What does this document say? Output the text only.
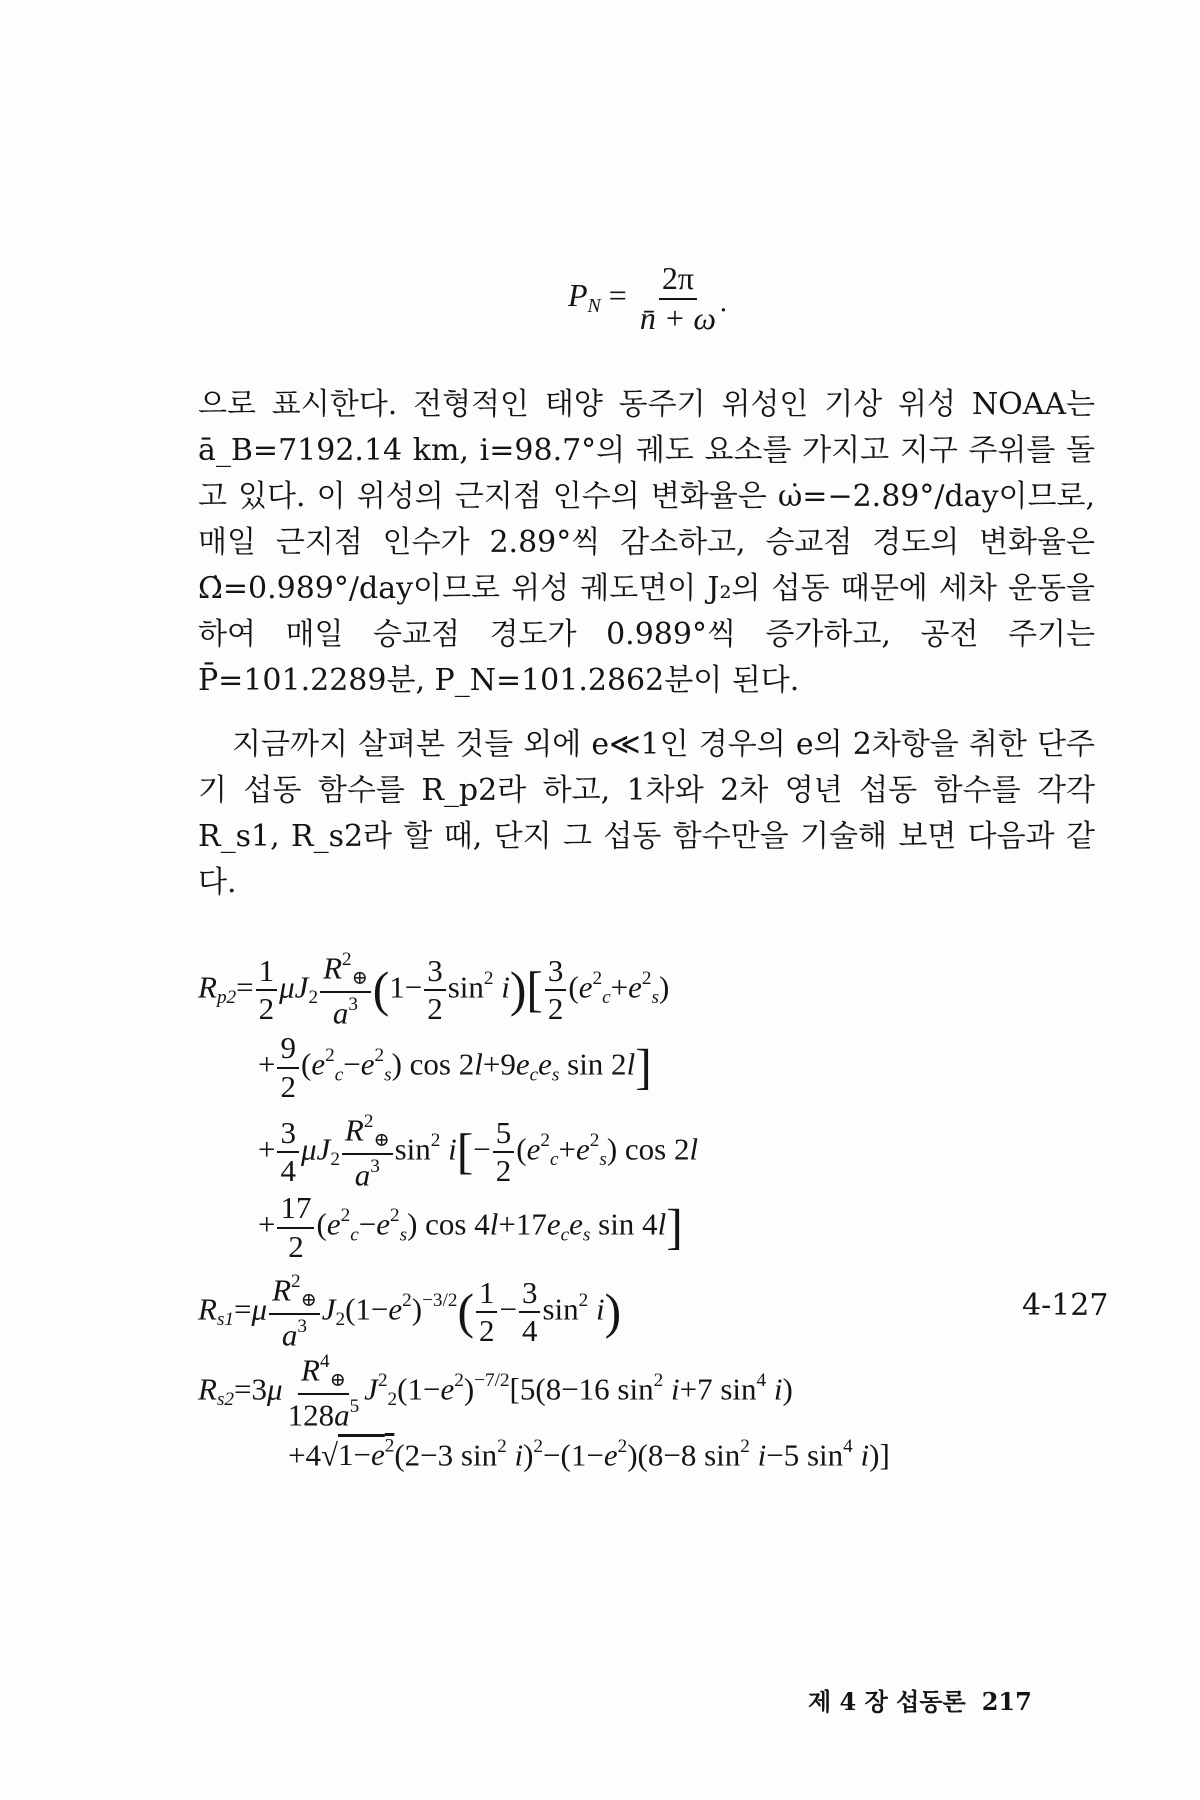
$P_N = \frac{2\pi}{n̄ + \omegȧ}$
으로 표시한다. 전형적인 태양 동주기 위성인 기상 위성 NOAA는 ā_B=7192.14 km, i=98.7°의 궤도 요소를 가지고 지구 주위를 돌고 있다. 이 위성의 근지점 인수의 변화율은 ω̇=−2.89°/day이므로, 매일 근지점 인수가 2.89°씩 감소하고, 승교점 경도의 변화율은 Ω̇=0.989°/day이므로 위성 궤도면이 J₂의 섭동 때문에 세차 운동을 하여 매일 승교점 경도가 0.989°씩 증가하고, 공전 주기는 P̄=101.2289분, P_N=101.2862분이 된다.
지금까지 살펴본 것들 외에 e≪1인 경우의 e의 2차항을 취한 단주기 섭동 함수를 R_p2라 하고, 1차와 2차 영년 섭동 함수를 각각 R_s1, R_s2라 할 때, 단지 그 섭동 함수만을 기술해 보면 다음과 같다.
$R_{p2}= \frac{1}{2} \mu J_2 \frac{R^2_\oplus}{a^3} (1- \frac{3}{2} \sin^2 i)[ \frac{3}{2} (e^2_c+e^2_s)$
+ $\frac{9}{2} (e^2_c-e^2_s)$ $\cos 2l+9e_ce_s$ sin 2l]
+ $\frac{3}{4} \mu J_2 \frac{R^2_\oplus}{a^3} \sin^2 i[- \frac{5}{2} (e^2_c+e^2_s)$ cos 2l
+ $\frac{17}{2} (e^2_c-e^2_s)$ $\cos 4l+17e_ce_s$ sin 4l]
$R_{s1}=\mu \frac{R^2_\oplus}{a^3} J_2(1-e^2)^{-3/2}( \frac{1}{2} - \frac{3}{4} \sin^2 i)$	4-127
$R_{s2}=3\mu \frac{R^4_\oplus}{128a^5} J^2_2(1-e^2)^{-7/2}[5(8-16$ $\sin^2 i+7$ $\sin^4 i$)
$+4√1-e^2(2-3$ $\sin^2 i)^2-(1-e^2)(8-8$ $\sin^2 i-5$ $\sin^4 i$)]
제 4 장 섭동론 217
